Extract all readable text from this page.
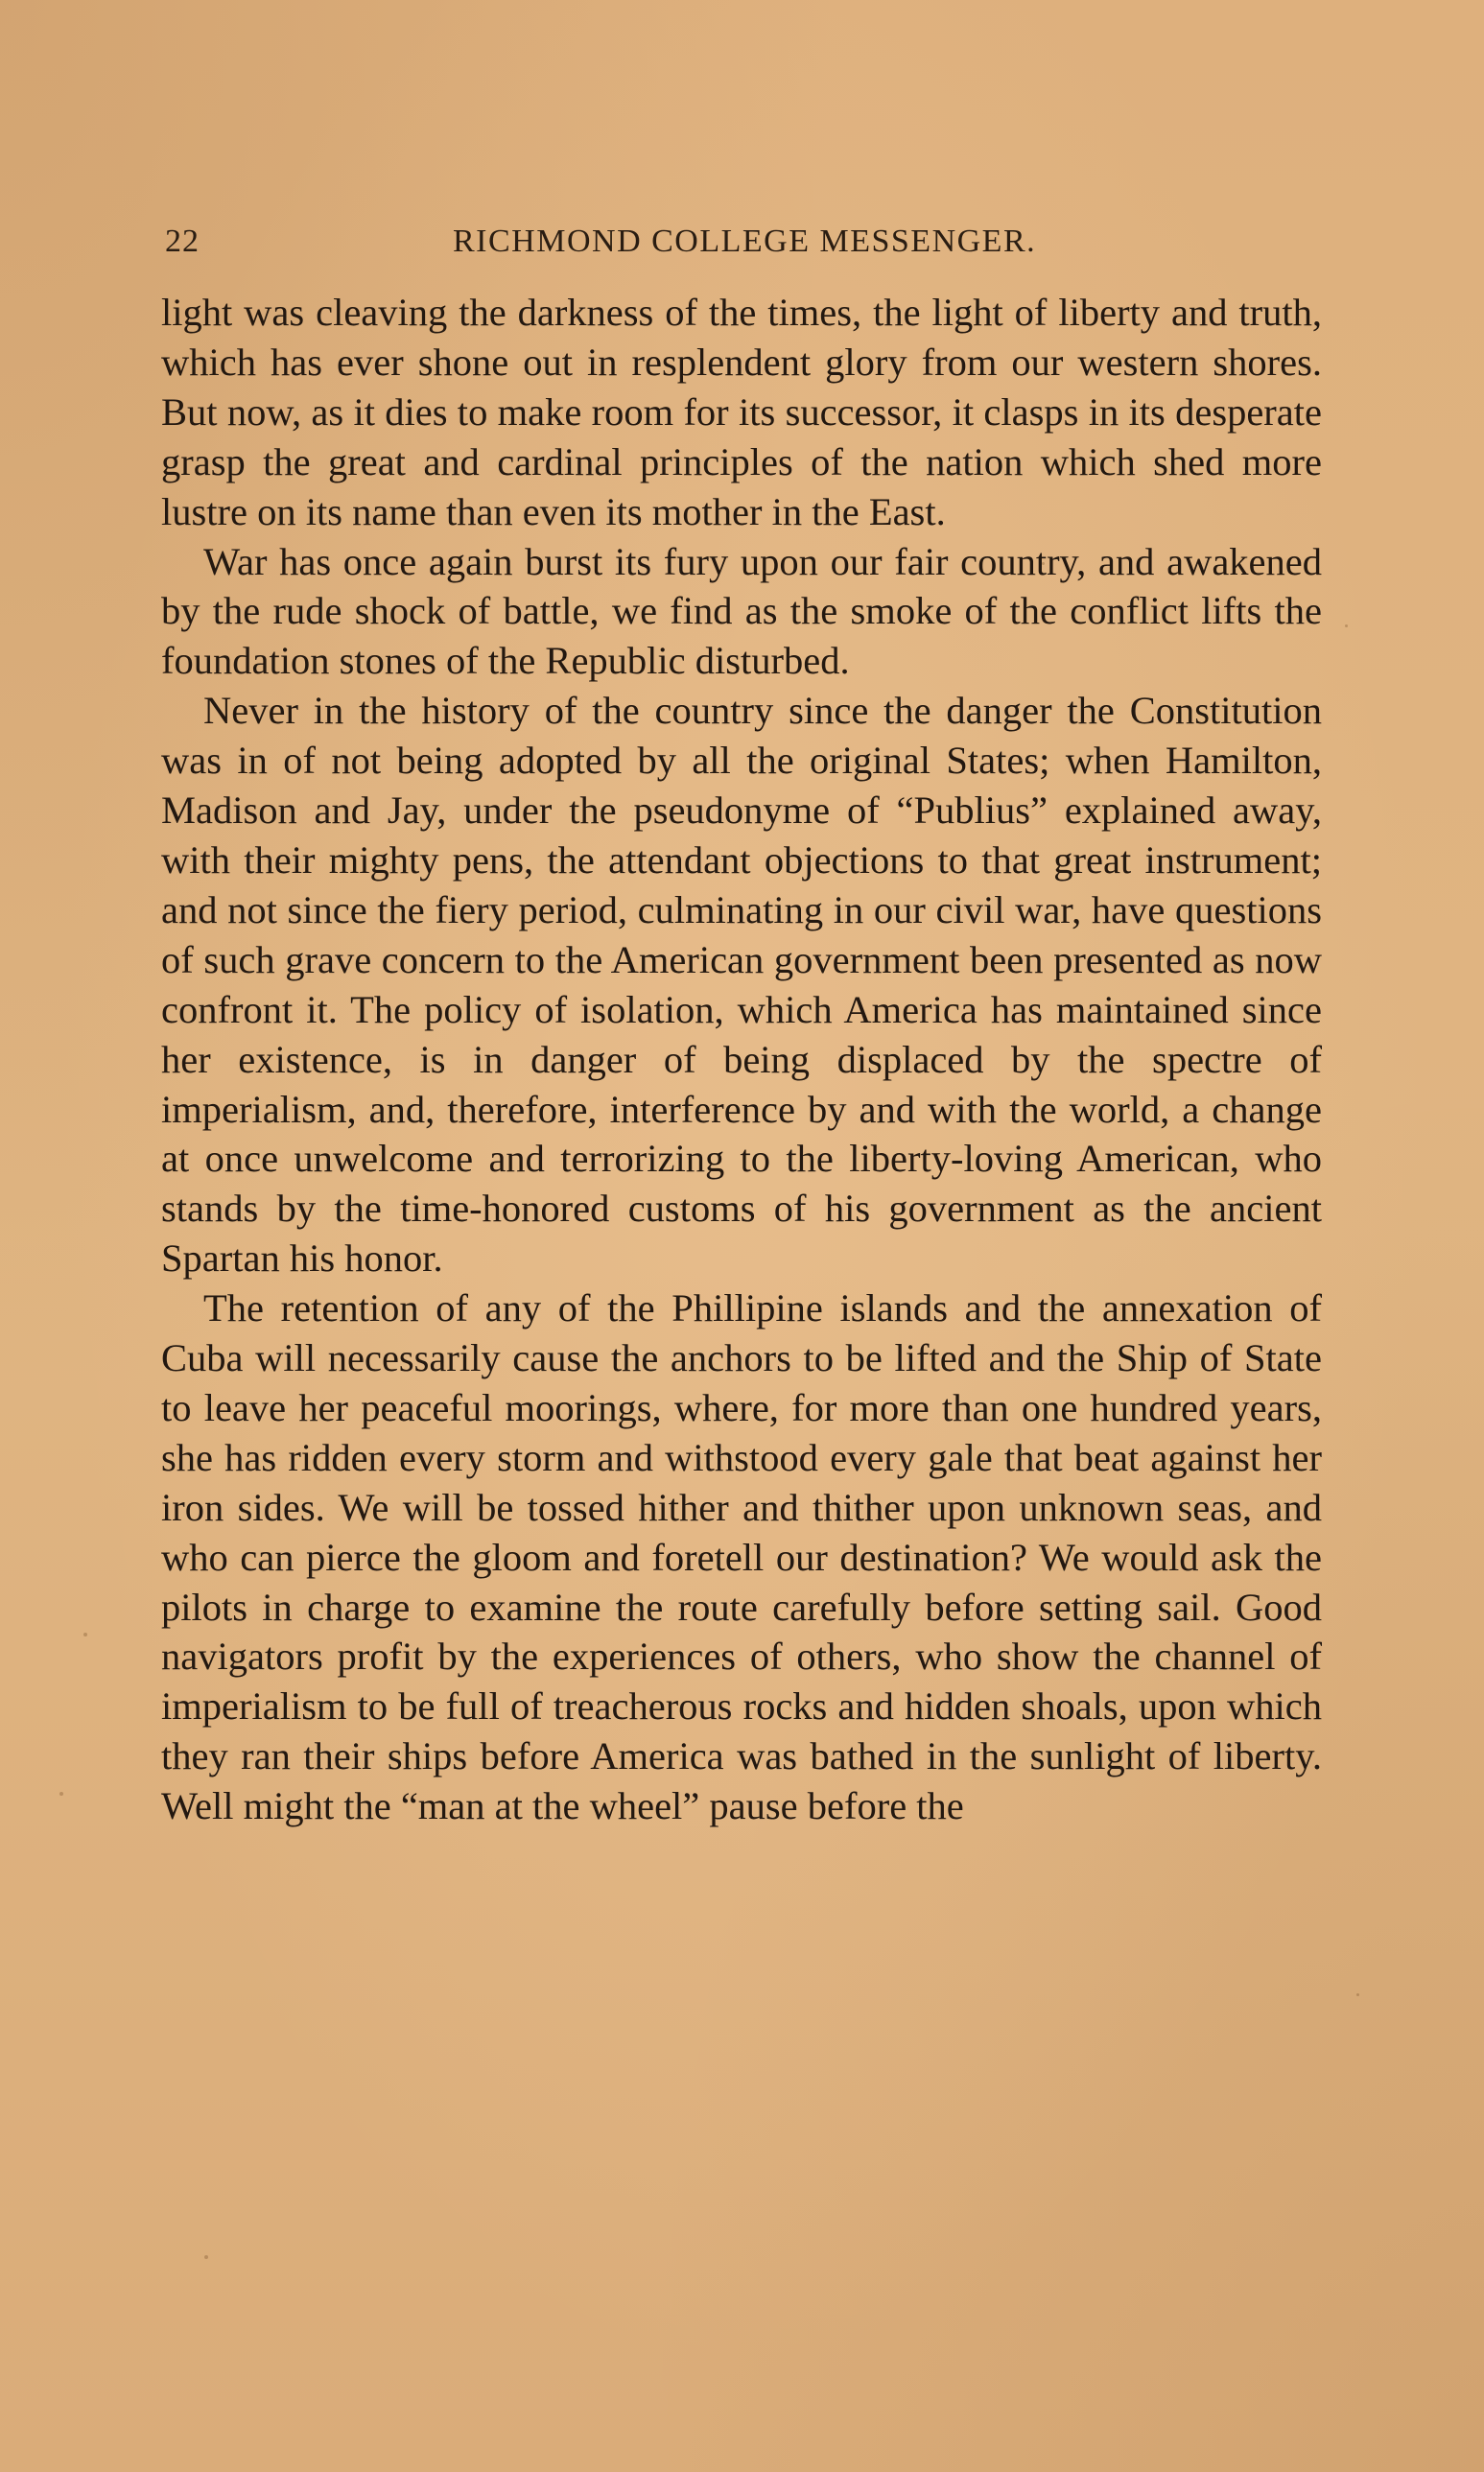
22	RICHMOND COLLEGE MESSENGER.

light was cleaving the darkness of the times, the light of liberty and truth, which has ever shone out in resplendent glory from our western shores. But now, as it dies to make room for its successor, it clasps in its desperate grasp the great and cardinal principles of the nation which shed more lustre on its name than even its mother in the East.

War has once again burst its fury upon our fair country, and awakened by the rude shock of battle, we find as the smoke of the conflict lifts the foundation stones of the Republic disturbed.

Never in the history of the country since the danger the Constitution was in of not being adopted by all the original States; when Hamilton, Madison and Jay, under the pseudonyme of “Publius” explained away, with their mighty pens, the attendant objections to that great instrument; and not since the fiery period, culminating in our civil war, have questions of such grave concern to the American government been presented as now confront it. The policy of isolation, which America has maintained since her existence, is in danger of being displaced by the spectre of imperialism, and, therefore, interference by and with the world, a change at once unwelcome and terrorizing to the liberty-loving American, who stands by the time-honored customs of his government as the ancient Spartan his honor.

The retention of any of the Phillipine islands and the annexation of Cuba will necessarily cause the anchors to be lifted and the Ship of State to leave her peaceful moorings, where, for more than one hundred years, she has ridden every storm and withstood every gale that beat against her iron sides. We will be tossed hither and thither upon unknown seas, and who can pierce the gloom and foretell our destination? We would ask the pilots in charge to examine the route carefully before setting sail. Good navigators profit by the experiences of others, who show the channel of imperialism to be full of treacherous rocks and hidden shoals, upon which they ran their ships before America was bathed in the sunlight of liberty. Well might the “man at the wheel” pause before the
